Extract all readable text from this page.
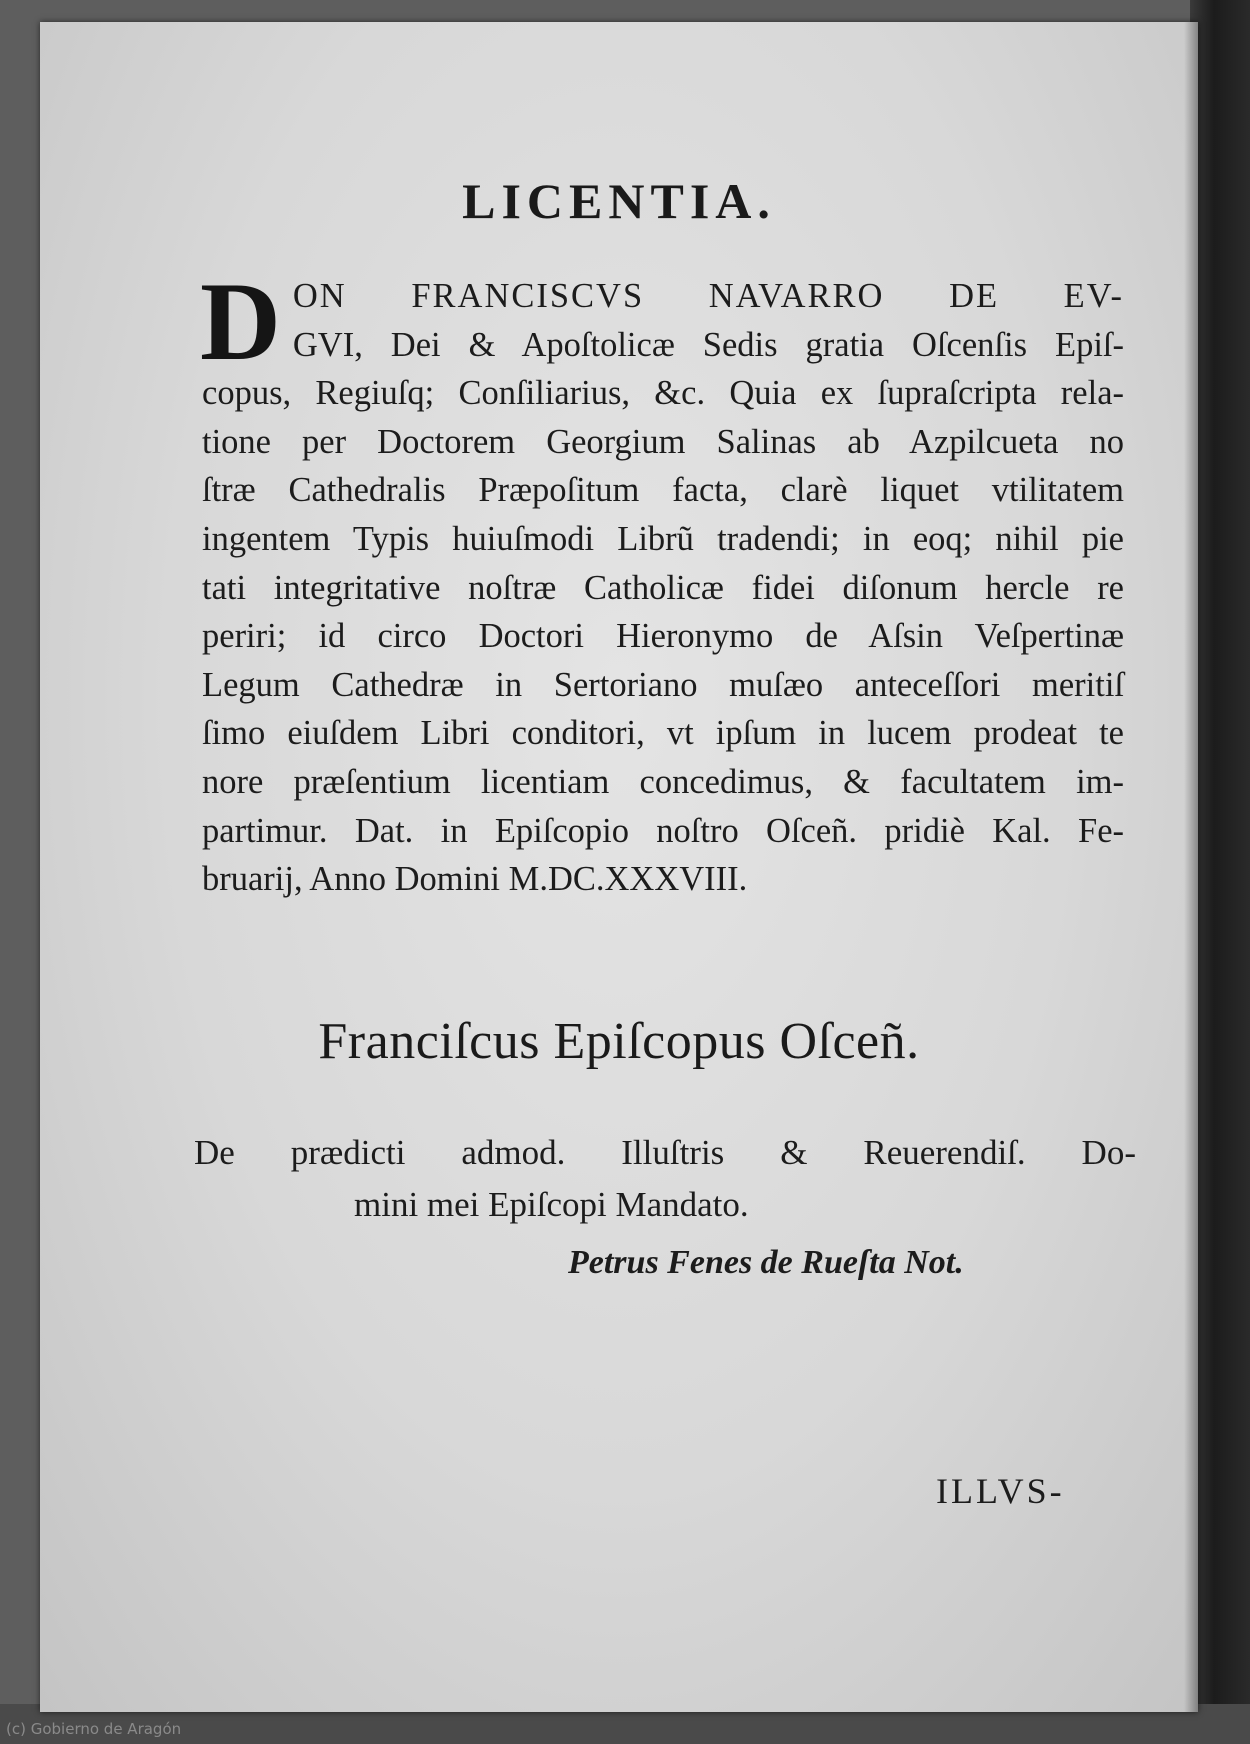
LICENTIA.
D ON FRANCISCVS NAVARRO DE EV-
GVI, Dei & Apoſtolicæ Sedis gratia Oſcenſis Epiſ-
copus, Regiuſq; Conſiliarius, &c. Quia ex ſupraſcripta rela-
tione per Doctorem Georgium Salinas ab Azpilcueta no
ſtræ Cathedralis Præpoſitum facta, clarè liquet vtilitatem
ingentem Typis huiuſmodi Librũ tradendi; in eoq; nihil pie
tati integritative noſtræ Catholicæ fidei diſonum hercle re
periri; id circo Doctori Hieronymo de Aſsin Veſpertinæ
Legum Cathedræ in Sertoriano muſæo anteceſſori meritiſ
ſimo eiuſdem Libri conditori, vt ipſum in lucem prodeat te
nore præſentium licentiam concedimus, & facultatem im-
partimur. Dat. in Epiſcopio noſtro Oſceñ. pridiè Kal. Fe-
bruarij, Anno Domini M.DC.XXXVIII.
Franciſcus Epiſcopus Oſceñ.
De prædicti admod. Illuſtris & Reuerendiſ. Do-
mini mei Epiſcopi Mandato.
Petrus Fenes de Rueſta Not.
ILLVS-
(c) Gobierno de Aragón
